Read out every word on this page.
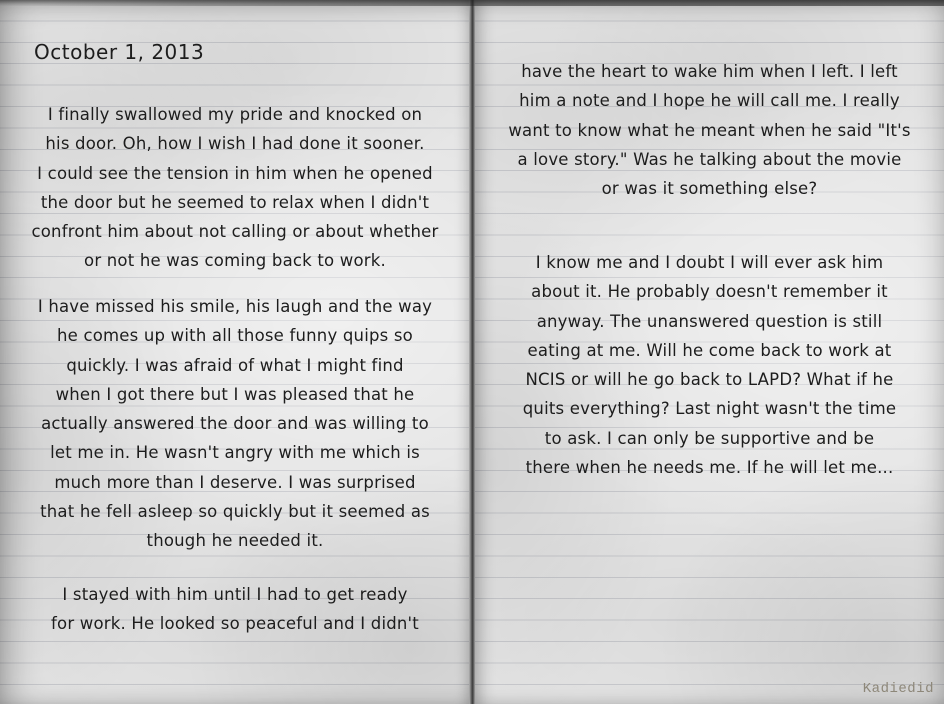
October 1, 2013
I finally swallowed my pride and knocked on
his door. Oh, how I wish I had done it sooner.
I could see the tension in him when he opened
the door but he seemed to relax when I didn't
confront him about not calling or about whether
or not he was coming back to work.
I have missed his smile, his laugh and the way
he comes up with all those funny quips so
quickly. I was afraid of what I might find
when I got there but I was pleased that he
actually answered the door and was willing to
let me in. He wasn't angry with me which is
much more than I deserve. I was surprised
that he fell asleep so quickly but it seemed as
though he needed it.
I stayed with him until I had to get ready
for work. He looked so peaceful and I didn't
have the heart to wake him when I left. I left
him a note and I hope he will call me. I really
want to know what he meant when he said "It's
a love story." Was he talking about the movie
or was it something else?
I know me and I doubt I will ever ask him
about it. He probably doesn't remember it
anyway. The unanswered question is still
eating at me. Will he come back to work at
NCIS or will he go back to LAPD? What if he
quits everything? Last night wasn't the time
to ask. I can only be supportive and be
there when he needs me. If he will let me...
Kadiedid
